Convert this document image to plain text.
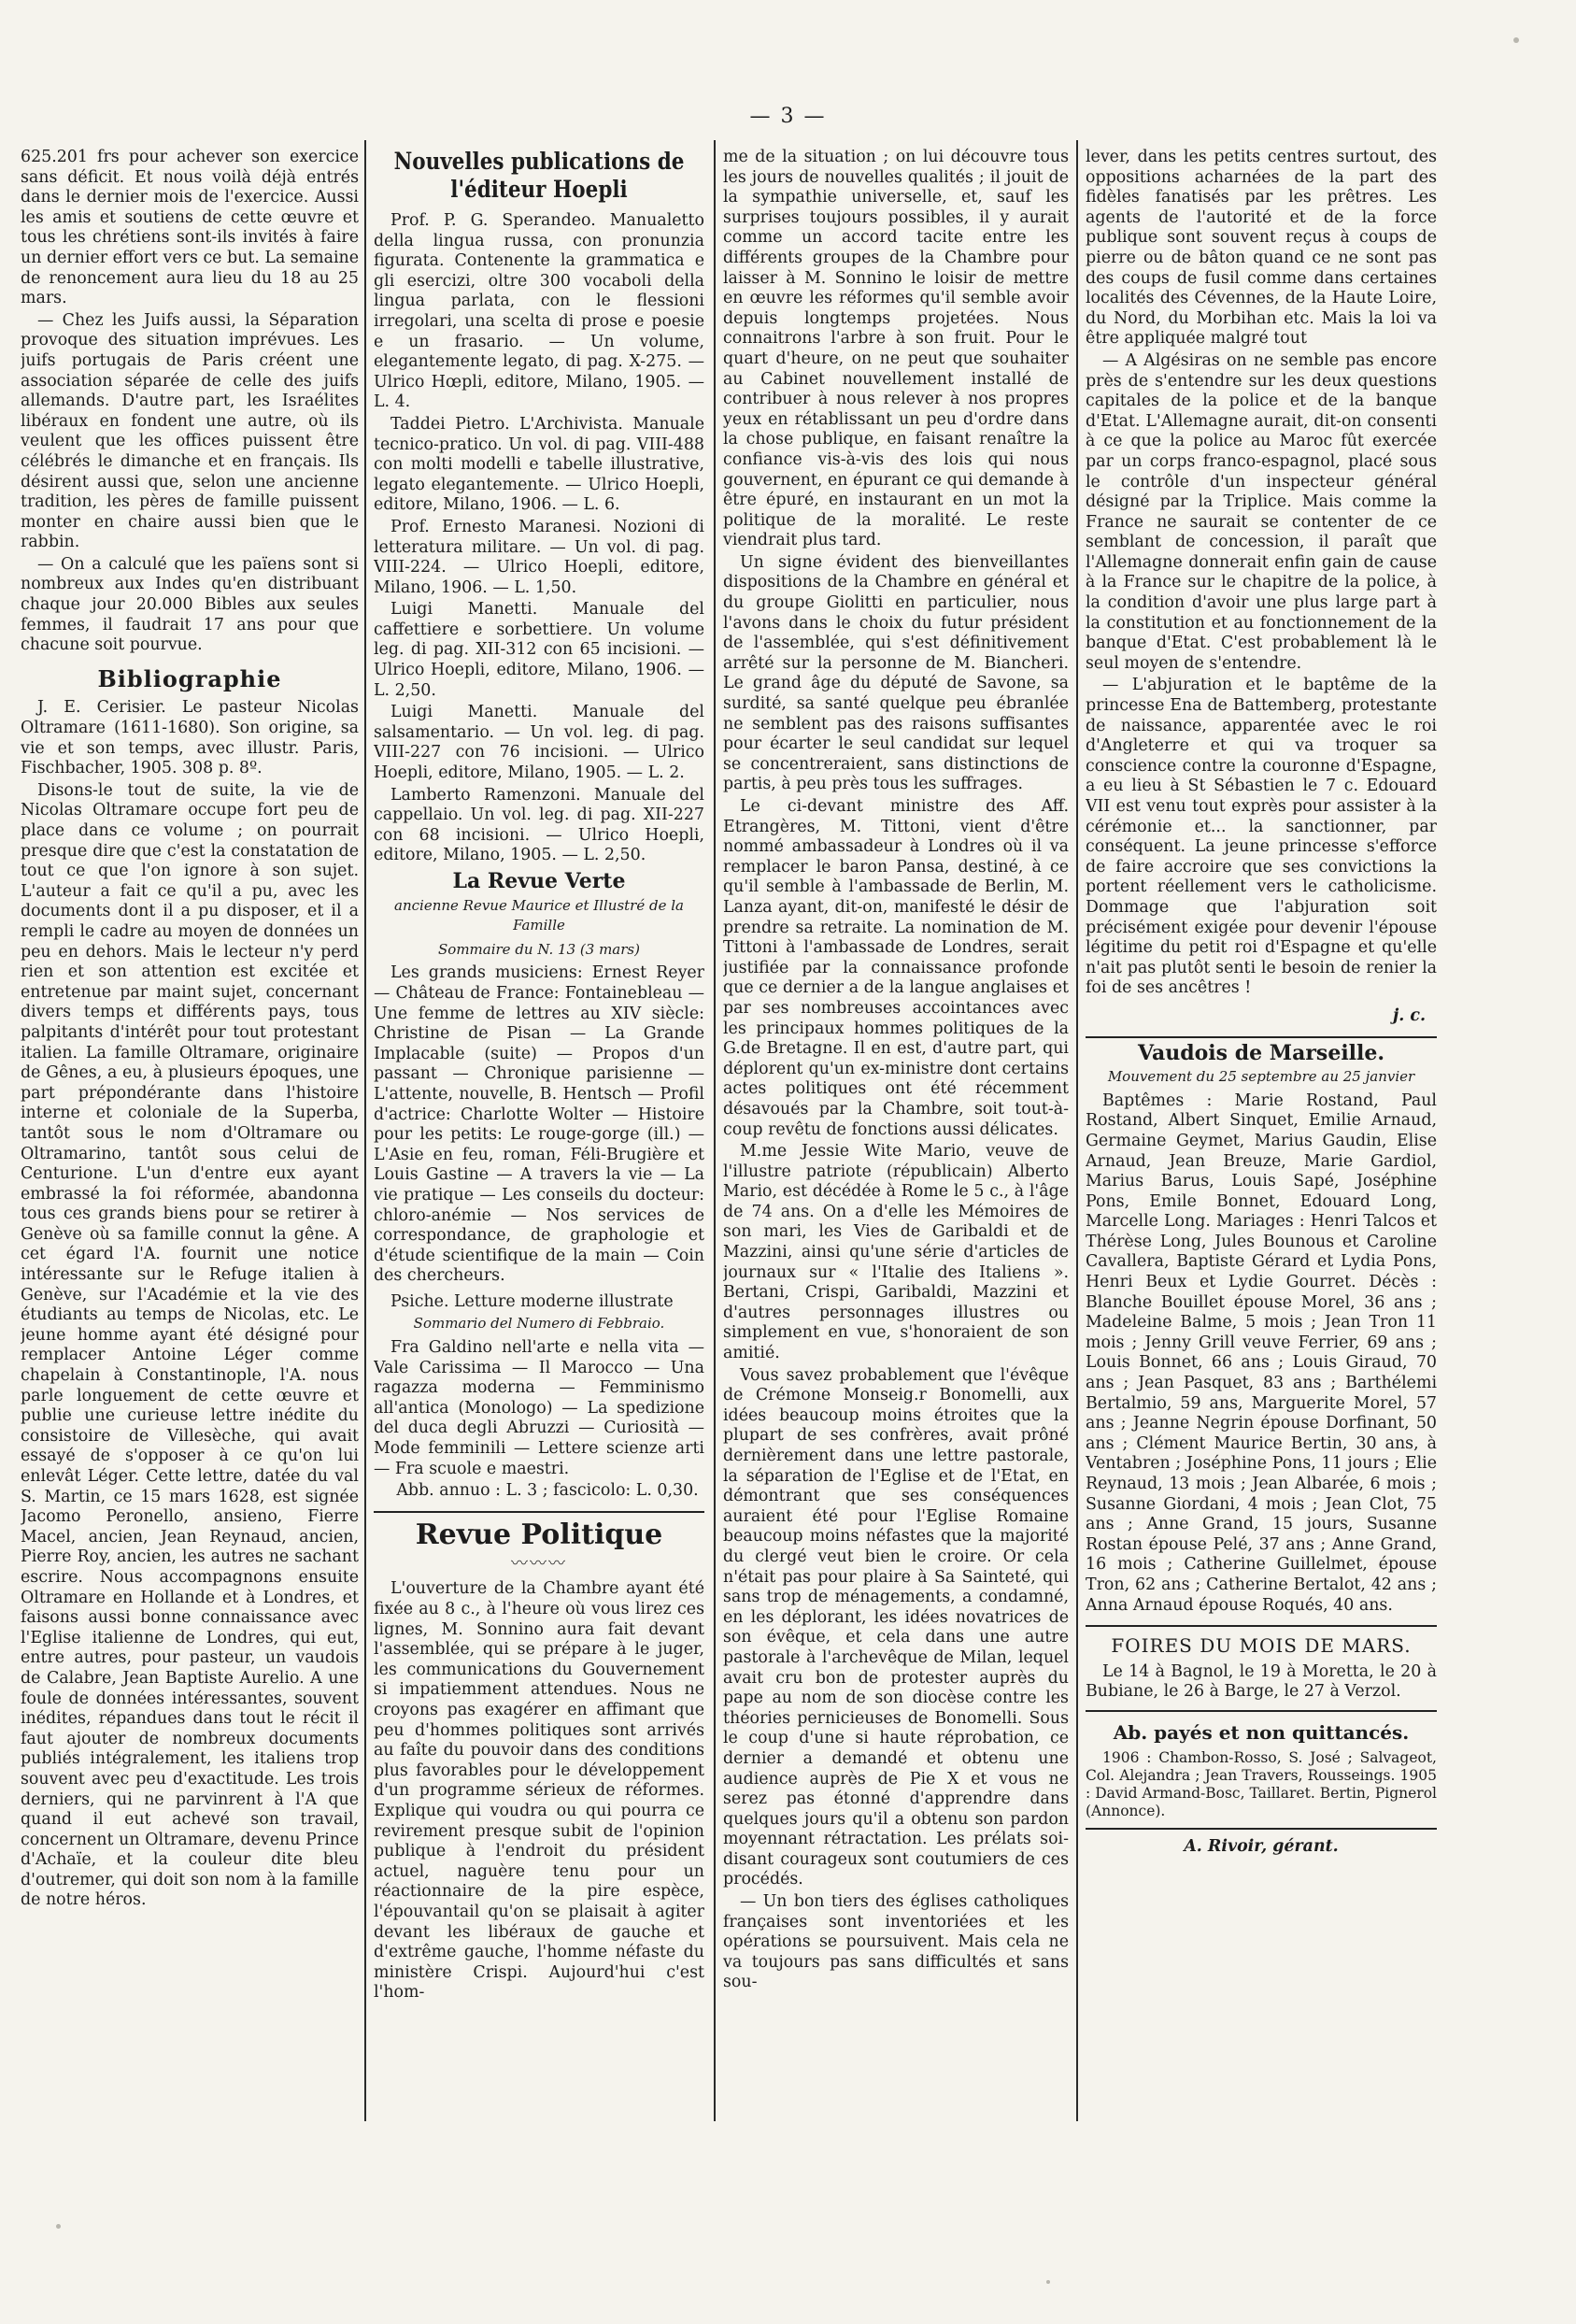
— 3 —

625.201 frs pour achever son exercice sans déficit. Et nous voilà déjà entrés dans le dernier mois de l'exercice. Aussi les amis et soutiens de cette œuvre et tous les chrétiens sont-ils invités à faire un dernier effort vers ce but. La semaine de renoncement aura lieu du 18 au 25 mars.

— Chez les Juifs aussi, la Séparation provoque des situation imprévues. Les juifs portugais de Paris créent une association séparée de celle des juifs allemands. D'autre part, les Israélites libéraux en fondent une autre, où ils veulent que les offices puissent être célébrés le dimanche et en français. Ils désirent aussi que, selon une ancienne tradition, les pères de famille puissent monter en chaire aussi bien que le rabbin.

— On a calculé que les païens sont si nombreux aux Indes qu'en distribuant chaque jour 20.000 Bibles aux seules femmes, il faudrait 17 ans pour que chacune soit pourvue.

Bibliographie

J. E. Cerisier. Le pasteur Nicolas Oltramare (1611-1680). Son origine, sa vie et son temps, avec illustr. Paris, Fischbacher, 1905. 308 p. 8º.

Disons-le tout de suite, la vie de Nicolas Oltramare occupe fort peu de place dans ce volume ; on pourrait presque dire que c'est la constatation de tout ce que l'on ignore à son sujet. L'auteur a fait ce qu'il a pu, avec les documents dont il a pu disposer, et il a rempli le cadre au moyen de données un peu en dehors. Mais le lecteur n'y perd rien et son attention est excitée et entretenue par maint sujet, concernant divers temps et différents pays, tous palpitants d'intérêt pour tout protestant italien. La famille Oltramare, originaire de Gênes, a eu, à plusieurs époques, une part prépondérante dans l'histoire interne et coloniale de la Superba, tantôt sous le nom d'Oltramare ou Oltramarino, tantôt sous celui de Centurione. L'un d'entre eux ayant embrassé la foi réformée, abandonna tous ces grands biens pour se retirer à Genève où sa famille connut la gêne. A cet égard l'A. fournit une notice intéressante sur le Refuge italien à Genève, sur l'Académie et la vie des étudiants au temps de Nicolas, etc. Le jeune homme ayant été désigné pour remplacer Antoine Léger comme chapelain à Constantinople, l'A. nous parle longuement de cette œuvre et publie une curieuse lettre inédite du consistoire de Villesèche, qui avait essayé de s'opposer à ce qu'on lui enlevât Léger. Cette lettre, datée du val S. Martin, ce 15 mars 1628, est signée Jacomo Peronello, ansieno, Fierre Macel, ancien, Jean Reynaud, ancien, Pierre Roy, ancien, les autres ne sachant escrire. Nous accompagnons ensuite Oltramare en Hollande et à Londres, et faisons aussi bonne connaissance avec l'Eglise italienne de Londres, qui eut, entre autres, pour pasteur, un vaudois de Calabre, Jean Baptiste Aurelio. A une foule de données intéressantes, souvent inédites, répandues dans tout le récit il faut ajouter de nombreux documents publiés intégralement, les italiens trop souvent avec peu d'exactitude. Les trois derniers, qui ne parvinrent à l'A que quand il eut achevé son travail, concernent un Oltramare, devenu Prince d'Achaïe, et la couleur dite bleu d'outremer, qui doit son nom à la famille de notre héros.

Nouvelles publications de l'éditeur Hoepli

Prof. P. G. Sperandeo. Manualetto della lingua russa, con pronunzia figurata. Contenente la grammatica e gli esercizi, oltre 300 vocaboli della lingua parlata, con le flessioni irregolari, una scelta di prose e poesie e un frasario. — Un volume, elegantemente legato, di pag. X-275. — Ulrico Hœpli, editore, Milano, 1905. — L. 4.

Taddei Pietro. L'Archivista. Manuale tecnico-pratico. Un vol. di pag. VIII-488 con molti modelli e tabelle illustrative, legato elegantemente. — Ulrico Hoepli, editore, Milano, 1906. — L. 6.

Prof. Ernesto Maranesi. Nozioni di letteratura militare. — Un vol. di pag. VIII-224. — Ulrico Hoepli, editore, Milano, 1906. — L. 1,50.

Luigi Manetti. Manuale del caffettiere e sorbettiere. Un volume leg. di pag. XII-312 con 65 incisioni. — Ulrico Hoepli, editore, Milano, 1906. — L. 2,50.

Luigi Manetti. Manuale del salsamentario. — Un vol. leg. di pag. VIII-227 con 76 incisioni. — Ulrico Hoepli, editore, Milano, 1905. — L. 2.

Lamberto Ramenzoni. Manuale del cappellaio. Un vol. leg. di pag. XII-227 con 68 incisioni. — Ulrico Hoepli, editore, Milano, 1905. — L. 2,50.

La Revue Verte
ancienne Revue Maurice et Illustré de la Famille
Sommaire du N. 13 (3 mars)

Les grands musiciens: Ernest Reyer — Château de France: Fontainebleau — Une femme de lettres au XIV siècle: Christine de Pisan — La Grande Implacable (suite) — Propos d'un passant — Chronique parisienne — L'attente, nouvelle, B. Hentsch — Profil d'actrice: Charlotte Wolter — Histoire pour les petits: Le rouge-gorge (ill.) — L'Asie en feu, roman, Féli-Brugière et Louis Gastine — A travers la vie — La vie pratique — Les conseils du docteur: chloro-anémie — Nos services de correspondance, de graphologie et d'étude scientifique de la main — Coin des chercheurs.

Psiche. Letture moderne illustrate

Sommario del Numero di Febbraio.

Fra Galdino nell'arte e nella vita — Vale Carissima — Il Marocco — Una ragazza moderna — Femminismo all'antica (Monologo) — La spedizione del duca degli Abruzzi — Curiosità — Mode femminili — Lettere scienze arti — Fra scuole e maestri.

Abb. annuo : L. 3 ; fascicolo: L. 0,30.

Revue Politique
〰〰〰

L'ouverture de la Chambre ayant été fixée au 8 c., à l'heure où vous lirez ces lignes, M. Sonnino aura fait devant l'assemblée, qui se prépare à le juger, les communications du Gouvernement si impatiemment attendues. Nous ne croyons pas exagérer en affimant que peu d'hommes politiques sont arrivés au faîte du pouvoir dans des conditions plus favorables pour le développement d'un programme sérieux de réformes. Explique qui voudra ou qui pourra ce revirement presque subit de l'opinion publique à l'endroit du président actuel, naguère tenu pour un réactionnaire de la pire espèce, l'épouvantail qu'on se plaisait à agiter devant les libéraux de gauche et d'extrême gauche, l'homme néfaste du ministère Crispi. Aujourd'hui c'est l'hom-

me de la situation ; on lui découvre tous les jours de nouvelles qualités ; il jouit de la sympathie universelle, et, sauf les surprises toujours possibles, il y aurait comme un accord tacite entre les différents groupes de la Chambre pour laisser à M. Sonnino le loisir de mettre en œuvre les réformes qu'il semble avoir depuis longtemps projetées. Nous connaitrons l'arbre à son fruit. Pour le quart d'heure, on ne peut que souhaiter au Cabinet nouvellement installé de contribuer à nous relever à nos propres yeux en rétablissant un peu d'ordre dans la chose publique, en faisant renaître la confiance vis-à-vis des lois qui nous gouvernent, en épurant ce qui demande à être épuré, en instaurant en un mot la politique de la moralité. Le reste viendrait plus tard.

Un signe évident des bienveillantes dispositions de la Chambre en général et du groupe Giolitti en particulier, nous l'avons dans le choix du futur président de l'assemblée, qui s'est définitivement arrêté sur la personne de M. Biancheri. Le grand âge du député de Savone, sa surdité, sa santé quelque peu ébranlée ne semblent pas des raisons suffisantes pour écarter le seul candidat sur lequel se concentreraient, sans distinctions de partis, à peu près tous les suffrages.

Le ci-devant ministre des Aff. Etrangères, M. Tittoni, vient d'être nommé ambassadeur à Londres où il va remplacer le baron Pansa, destiné, à ce qu'il semble à l'ambassade de Berlin, M. Lanza ayant, dit-on, manifesté le désir de prendre sa retraite. La nomination de M. Tittoni à l'ambassade de Londres, serait justifiée par la connaissance profonde que ce dernier a de la langue anglaises et par ses nombreuses accointances avec les principaux hommes politiques de la G.de Bretagne. Il en est, d'autre part, qui déplorent qu'un ex-ministre dont certains actes politiques ont été récemment désavoués par la Chambre, soit tout-à-coup revêtu de fonctions aussi délicates.

M.me Jessie Wite Mario, veuve de l'illustre patriote (républicain) Alberto Mario, est décédée à Rome le 5 c., à l'âge de 74 ans. On a d'elle les Mémoires de son mari, les Vies de Garibaldi et de Mazzini, ainsi qu'une série d'articles de journaux sur « l'Italie des Italiens ». Bertani, Crispi, Garibaldi, Mazzini et d'autres personnages illustres ou simplement en vue, s'honoraient de son amitié.

Vous savez probablement que l'évêque de Crémone Monseig.r Bonomelli, aux idées beaucoup moins étroites que la plupart de ses confrères, avait prôné dernièrement dans une lettre pastorale, la séparation de l'Eglise et de l'Etat, en démontrant que ses conséquences auraient été pour l'Eglise Romaine beaucoup moins néfastes que la majorité du clergé veut bien le croire. Or cela n'était pas pour plaire à Sa Sainteté, qui sans trop de ménagements, a condamné, en les déplorant, les idées novatrices de son évêque, et cela dans une autre pastorale à l'archevêque de Milan, lequel avait cru bon de protester auprès du pape au nom de son diocèse contre les théories pernicieuses de Bonomelli. Sous le coup d'une si haute réprobation, ce dernier a demandé et obtenu une audience auprès de Pie X et vous ne serez pas étonné d'apprendre dans quelques jours qu'il a obtenu son pardon moyennant rétractation. Les prélats soi-disant courageux sont coutumiers de ces procédés.

— Un bon tiers des églises catholiques françaises sont inventoriées et les opérations se poursuivent. Mais cela ne va toujours pas sans difficultés et sans sou-

lever, dans les petits centres surtout, des oppositions acharnées de la part des fidèles fanatisés par les prêtres. Les agents de l'autorité et de la force publique sont souvent reçus à coups de pierre ou de bâton quand ce ne sont pas des coups de fusil comme dans certaines localités des Cévennes, de la Haute Loire, du Nord, du Morbihan etc. Mais la loi va être appliquée malgré tout

— A Algésiras on ne semble pas encore près de s'entendre sur les deux questions capitales de la police et de la banque d'Etat. L'Allemagne aurait, dit-on consenti à ce que la police au Maroc fût exercée par un corps franco-espagnol, placé sous le contrôle d'un inspecteur général désigné par la Triplice. Mais comme la France ne saurait se contenter de ce semblant de concession, il paraît que l'Allemagne donnerait enfin gain de cause à la France sur le chapitre de la police, à la condition d'avoir une plus large part à la constitution et au fonctionnement de la banque d'Etat. C'est probablement là le seul moyen de s'entendre.

— L'abjuration et le baptême de la princesse Ena de Battemberg, protestante de naissance, apparentée avec le roi d'Angleterre et qui va troquer sa conscience contre la couronne d'Espagne, a eu lieu à St Sébastien le 7 c. Edouard VII est venu tout exprès pour assister à la cérémonie et... la sanctionner, par conséquent. La jeune princesse s'efforce de faire accroire que ses convictions la portent réellement vers le catholicisme. Dommage que l'abjuration soit précisément exigée pour devenir l'épouse légitime du petit roi d'Espagne et qu'elle n'ait pas plutôt senti le besoin de renier la foi de ses ancêtres !

j. c.
Vaudois de Marseille.
Mouvement du 25 septembre au 25 janvier

Baptêmes : Marie Rostand, Paul Rostand, Albert Sinquet, Emilie Arnaud, Germaine Geymet, Marius Gaudin, Elise Arnaud, Jean Breuze, Marie Gardiol, Marius Barus, Louis Sapé, Joséphine Pons, Emile Bonnet, Edouard Long, Marcelle Long. Mariages : Henri Talcos et Thérèse Long, Jules Bounous et Caroline Cavallera, Baptiste Gérard et Lydia Pons, Henri Beux et Lydie Gourret. Décès : Blanche Bouillet épouse Morel, 36 ans ; Madeleine Balme, 5 mois ; Jean Tron 11 mois ; Jenny Grill veuve Ferrier, 69 ans ; Louis Bonnet, 66 ans ; Louis Giraud, 70 ans ; Jean Pasquet, 83 ans ; Barthélemi Bertalmio, 59 ans, Marguerite Morel, 57 ans ; Jeanne Negrin épouse Dorfinant, 50 ans ; Clément Maurice Bertin, 30 ans, à Ventabren ; Joséphine Pons, 11 jours ; Elie Reynaud, 13 mois ; Jean Albarée, 6 mois ; Susanne Giordani, 4 mois ; Jean Clot, 75 ans ; Anne Grand, 15 jours, Susanne Rostan épouse Pelé, 37 ans ; Anne Grand, 16 mois ; Catherine Guillelmet, épouse Tron, 62 ans ; Catherine Bertalot, 42 ans ; Anna Arnaud épouse Roqués, 40 ans.

FOIRES DU MOIS DE MARS.

Le 14 à Bagnol, le 19 à Moretta, le 20 à Bubiane, le 26 à Barge, le 27 à Verzol.

Ab. payés et non quittancés.

1906 : Chambon-Rosso, S. José ; Salvageot, Col. Alejandra ; Jean Travers, Rousseings. 1905 : David Armand-Bosc, Taillaret. Bertin, Pignerol (Annonce).

A. Rivoir, gérant.
